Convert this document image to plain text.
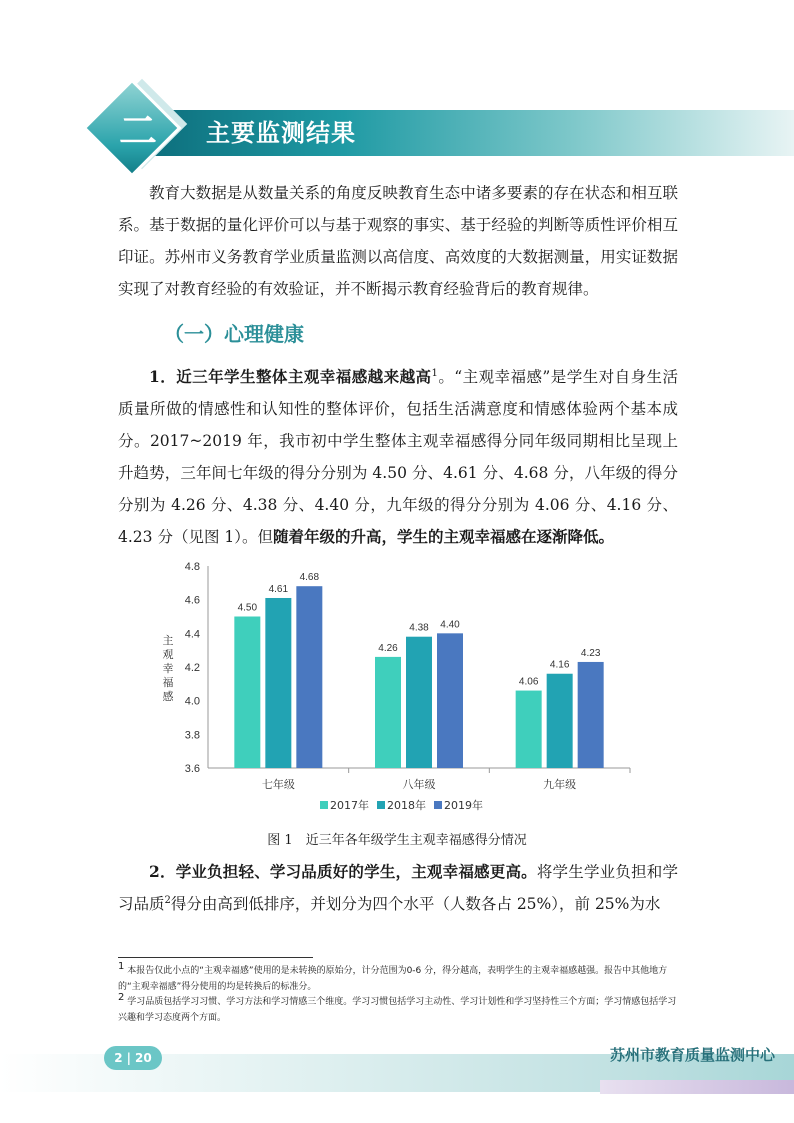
二	主要监测结果

教育大数据是从数量关系的角度反映教育生态中诸多要素的存在状态和相互联系。基于数据的量化评价可以与基于观察的事实、基于经验的判断等质性评价相互印证。苏州市义务教育学业质量监测以高信度、高效度的大数据测量，用实证数据实现了对教育经验的有效验证，并不断揭示教育经验背后的教育规律。

（一）心理健康

1．近三年学生整体主观幸福感越来越高$^1$。“主观幸福感”是学生对自身生活质量所做的情感性和认知性的整体评价，包括生活满意度和情感体验两个基本成分。2017~2019 年，我市初中学生整体主观幸福感得分同年级同期相比呈现上升趋势，三年间七年级的得分分别为 4.50 分、4.61 分、4.68 分，八年级的得分分别为 4.26 分、4.38 分、4.40 分，九年级的得分分别为 4.06 分、4.16 分、4.23 分（见图 1）。但随着年级的升高，学生的主观幸福感在逐渐降低。

3.6
3.8
4.0
4.2
4.4
4.6
4.8
主
观
幸
福
感
4.50
4.61
4.68
七年级
4.26
4.38 4.40
八年级
4.06
4.16
4.23
九年级
2017年 2018年 2019年
图 1　近三年各年级学生主观幸福感得分情况

2．学业负担轻、学习品质好的学生，主观幸福感更高。将学生学业负担和学习品质$^2$得分由高到低排序，并划分为四个水平（人数各占 25%），前 25%为水

$^1$ 本报告仅此小点的“主观幸福感”使用的是未转换的原始分，计分范围为0-6 分，得分越高，表明学生的主观幸福感越强。报告中其他地方的“主观幸福感”得分使用的均是转换后的标准分。
$^2$ 学习品质包括学习习惯、学习方法和学习情感三个维度。学习习惯包括学习主动性、学习计划性和学习坚持性三个方面；学习情感包括学习兴趣和学习态度两个方面。
2 | 20	苏州市教育质量监测中心
